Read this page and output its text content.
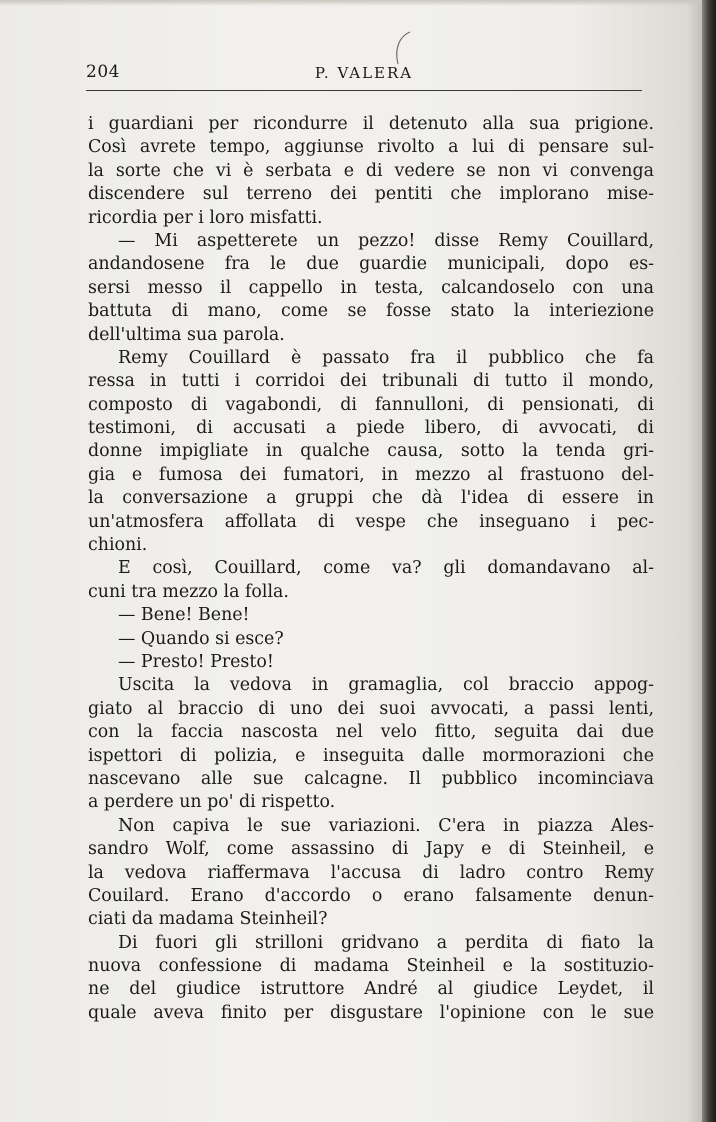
204	P. VALERA
i guardiani per ricondurre il detenuto alla sua prigione.
Così avrete tempo, aggiunse rivolto a lui di pensare sul-
la sorte che vi è serbata e di vedere se non vi convenga
discendere sul terreno dei pentiti che implorano mise-
ricordia per i loro misfatti.
— Mi aspetterete un pezzo! disse Remy Couillard,
andandosene fra le due guardie municipali, dopo es-
sersi messo il cappello in testa, calcandoselo con una
battuta di mano, come se fosse stato la interiezione
dell'ultima sua parola.
Remy Couillard è passato fra il pubblico che fa
ressa in tutti i corridoi dei tribunali di tutto il mondo,
composto di vagabondi, di fannulloni, di pensionati, di
testimoni, di accusati a piede libero, di avvocati, di
donne impigliate in qualche causa, sotto la tenda gri-
gia e fumosa dei fumatori, in mezzo al frastuono del-
la conversazione a gruppi che dà l'idea di essere in
un'atmosfera affollata di vespe che inseguano i pec-
chioni.
E così, Couillard, come va? gli domandavano al-
cuni tra mezzo la folla.
— Bene! Bene!
— Quando si esce?
— Presto! Presto!
Uscita la vedova in gramaglia, col braccio appog-
giato al braccio di uno dei suoi avvocati, a passi lenti,
con la faccia nascosta nel velo fitto, seguita dai due
ispettori di polizia, e inseguita dalle mormorazioni che
nascevano alle sue calcagne. Il pubblico incominciava
a perdere un po' di rispetto.
Non capiva le sue variazioni. C'era in piazza Ales-
sandro Wolf, come assassino di Japy e di Steinheil, e
la vedova riaffermava l'accusa di ladro contro Remy
Couilard. Erano d'accordo o erano falsamente denun-
ciati da madama Steinheil?
Di fuori gli strilloni gridvano a perdita di fiato la
nuova confessione di madama Steinheil e la sostituzio-
ne del giudice istruttore André al giudice Leydet, il
quale aveva finito per disgustare l'opinione con le sue
